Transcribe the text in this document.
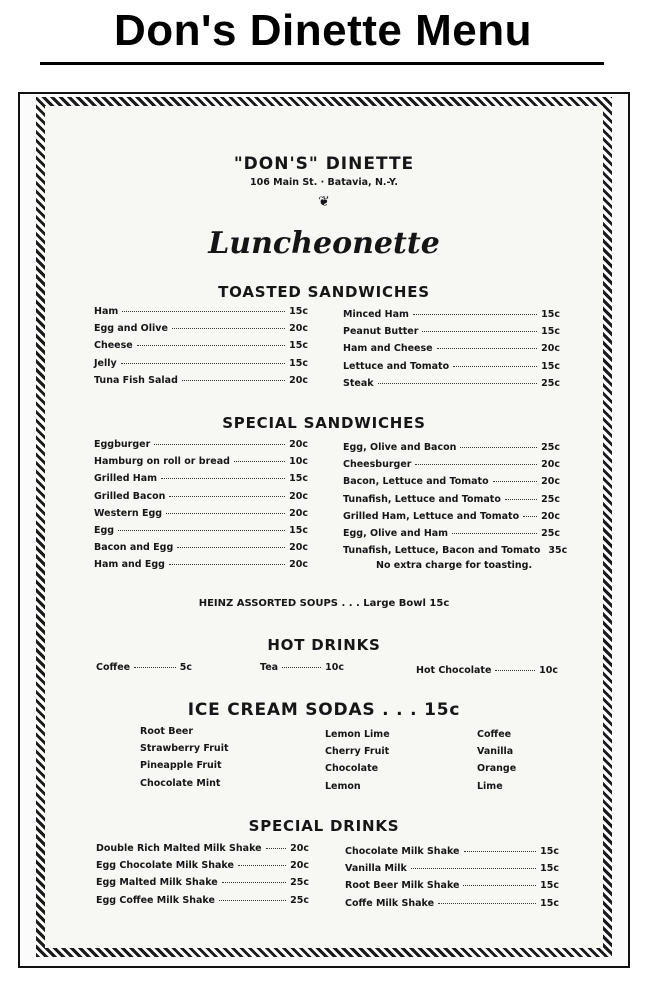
Don's Dinette Menu
"DON'S" DINETTE
106 Main St. · Batavia, N.-Y.
❦
Luncheonette
TOASTED SANDWICHES
Ham	15c
Egg and Olive	20c
Cheese	15c
Jelly	15c
Tuna Fish Salad	20c
Minced Ham	15c
Peanut Butter	15c
Ham and Cheese	20c
Lettuce and Tomato	15c
Steak	25c
SPECIAL SANDWICHES
Eggburger	20c
Hamburg on roll or bread	10c
Grilled Ham	15c
Grilled Bacon	20c
Western Egg	20c
Egg	15c
Bacon and Egg	20c
Ham and Egg	20c
Egg, Olive and Bacon	25c
Cheesburger	20c
Bacon, Lettuce and Tomato	20c
Tunafish, Lettuce and Tomato	25c
Grilled Ham, Lettuce and Tomato 20c
Egg, Olive and Ham	25c
Tunafish, Lettuce, Bacon and Tomato 35c
No extra charge for toasting.
HEINZ ASSORTED SOUPS . . . Large Bowl 15c
HOT DRINKS
Coffee	5c	Tea	10c	Hot Chocolate	10c
ICE CREAM SODAS . . . 15c
Root Beer
Strawberry Fruit
Pineapple Fruit
Chocolate Mint
Lemon Lime
Cherry Fruit
Chocolate
Lemon
Coffee
Vanilla
Orange
Lime
SPECIAL DRINKS
Double Rich Malted Milk Shake	20c
Egg Chocolate Milk Shake	20c
Egg Malted Milk Shake	25c
Egg Coffee Milk Shake	25c
Chocolate Milk Shake	15c
Vanilla Milk	15c
Root Beer Milk Shake	15c
Coffe Milk Shake	15c
